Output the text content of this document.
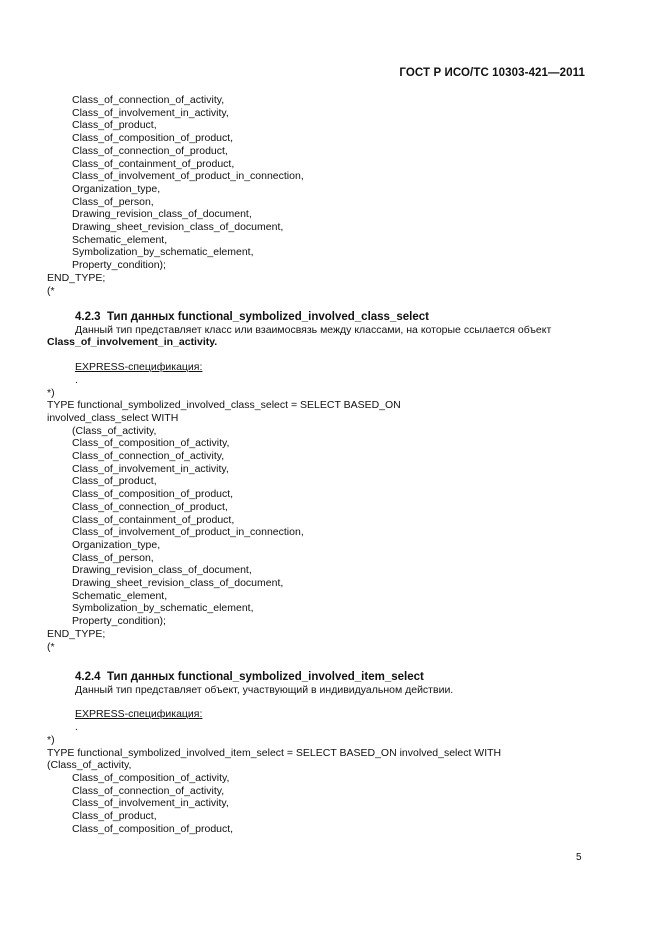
ГОСТ Р ИСО/ТС 10303-421—2011
Class_of_connection_of_activity,
Class_of_involvement_in_activity,
Class_of_product,
Class_of_composition_of_product,
Class_of_connection_of_product,
Class_of_containment_of_product,
Class_of_involvement_of_product_in_connection,
Organization_type,
Class_of_person,
Drawing_revision_class_of_document,
Drawing_sheet_revision_class_of_document,
Schematic_element,
Symbolization_by_schematic_element,
Property_condition);
END_TYPE;
(*
4.2.3  Тип данных functional_symbolized_involved_class_select
Данный тип представляет класс или взаимосвязь между классами, на которые ссылается объект
Class_of_involvement_in_activity.
EXPRESS-спецификация:
.
*)
TYPE functional_symbolized_involved_class_select = SELECT BASED_ON
involved_class_select WITH
(Class_of_activity,
Class_of_composition_of_activity,
Class_of_connection_of_activity,
Class_of_involvement_in_activity,
Class_of_product,
Class_of_composition_of_product,
Class_of_connection_of_product,
Class_of_containment_of_product,
Class_of_involvement_of_product_in_connection,
Organization_type,
Class_of_person,
Drawing_revision_class_of_document,
Drawing_sheet_revision_class_of_document,
Schematic_element,
Symbolization_by_schematic_element,
Property_condition);
END_TYPE;
(*
4.2.4  Тип данных functional_symbolized_involved_item_select
Данный тип представляет объект, участвующий в индивидуальном действии.
EXPRESS-спецификация:
.
*)
TYPE functional_symbolized_involved_item_select = SELECT BASED_ON involved_select WITH
(Class_of_activity,
Class_of_composition_of_activity,
Class_of_connection_of_activity,
Class_of_involvement_in_activity,
Class_of_product,
Class_of_composition_of_product,
5
